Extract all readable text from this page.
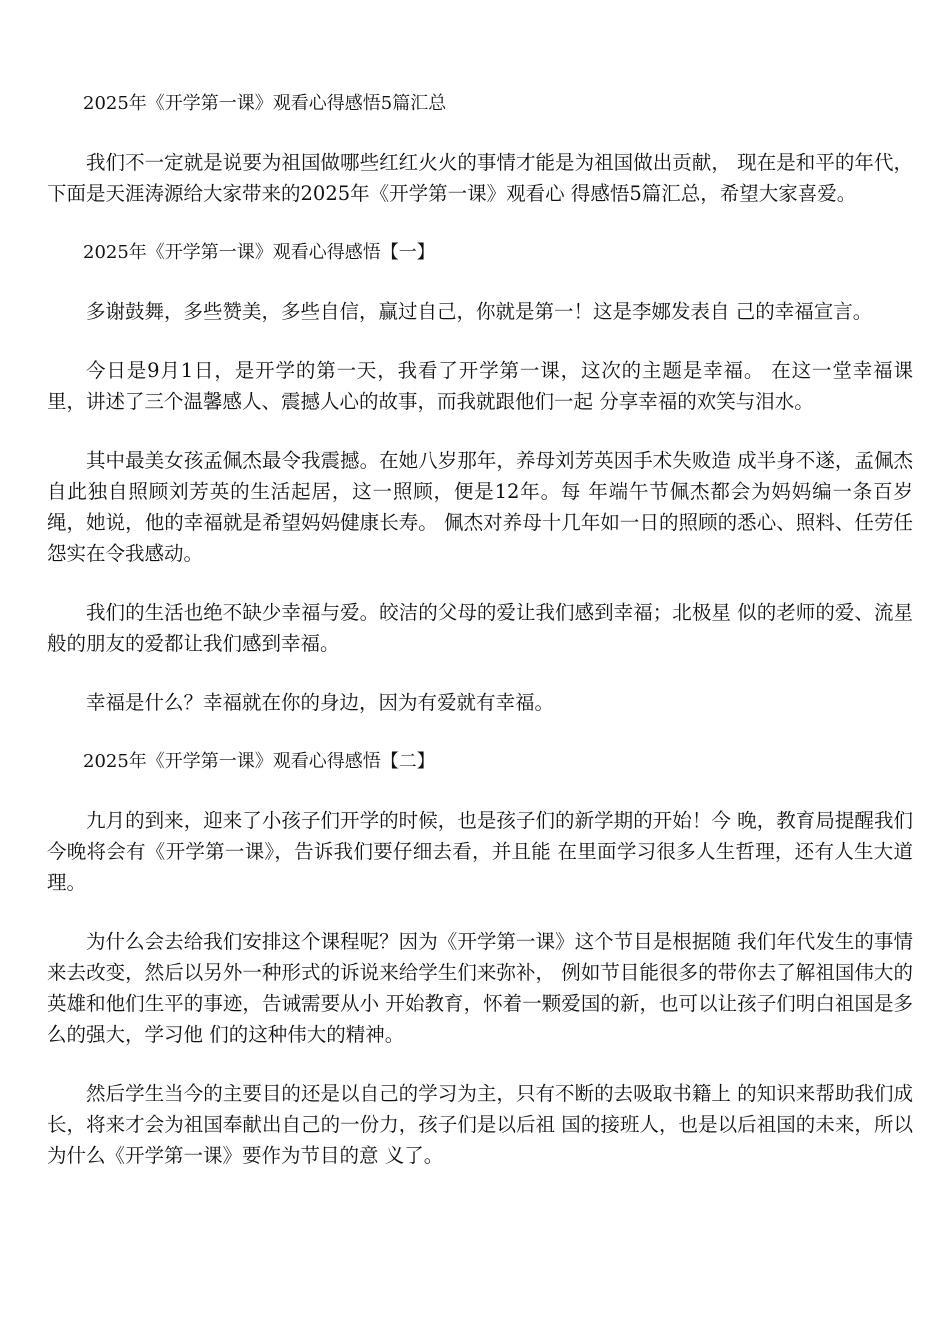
2025年《开学第一课》观看心得感悟5篇汇总

我们不一定就是说要为祖国做哪些红红火火的事情才能是为祖国做出贡献， 现在是和平的年代，下面是天涯涛源给大家带来的2025年《开学第一课》观看心 得感悟5篇汇总，希望大家喜爱。

2025年《开学第一课》观看心得感悟【一】

多谢鼓舞，多些赞美，多些自信，赢过自己，你就是第一！这是李娜发表自 己的幸福宣言。

今日是9月1日，是开学的第一天，我看了开学第一课，这次的主题是幸福。 在这一堂幸福课里，讲述了三个温馨感人、震撼人心的故事，而我就跟他们一起 分享幸福的欢笑与泪水。

其中最美女孩孟佩杰最令我震撼。在她八岁那年，养母刘芳英因手术失败造 成半身不遂，孟佩杰自此独自照顾刘芳英的生活起居，这一照顾，便是12年。每 年端午节佩杰都会为妈妈编一条百岁绳，她说，他的幸福就是希望妈妈健康长寿。 佩杰对养母十几年如一日的照顾的悉心、照料、任劳任怨实在令我感动。

我们的生活也绝不缺少幸福与爱。皎洁的父母的爱让我们感到幸福；北极星 似的老师的爱、流星般的朋友的爱都让我们感到幸福。

幸福是什么？幸福就在你的身边，因为有爱就有幸福。

2025年《开学第一课》观看心得感悟【二】

九月的到来，迎来了小孩子们开学的时候，也是孩子们的新学期的开始！今 晚，教育局提醒我们今晚将会有《开学第一课》，告诉我们要仔细去看，并且能 在里面学习很多人生哲理，还有人生大道理。

为什么会去给我们安排这个课程呢？因为《开学第一课》这个节目是根据随 我们年代发生的事情来去改变，然后以另外一种形式的诉说来给学生们来弥补， 例如节目能很多的带你去了解祖国伟大的英雄和他们生平的事迹，告诫需要从小 开始教育，怀着一颗爱国的新，也可以让孩子们明白祖国是多么的强大，学习他 们的这种伟大的精神。

然后学生当今的主要目的还是以自己的学习为主，只有不断的去吸取书籍上 的知识来帮助我们成长，将来才会为祖国奉献出自己的一份力，孩子们是以后祖 国的接班人，也是以后祖国的未来，所以为什么《开学第一课》要作为节目的意 义了。
